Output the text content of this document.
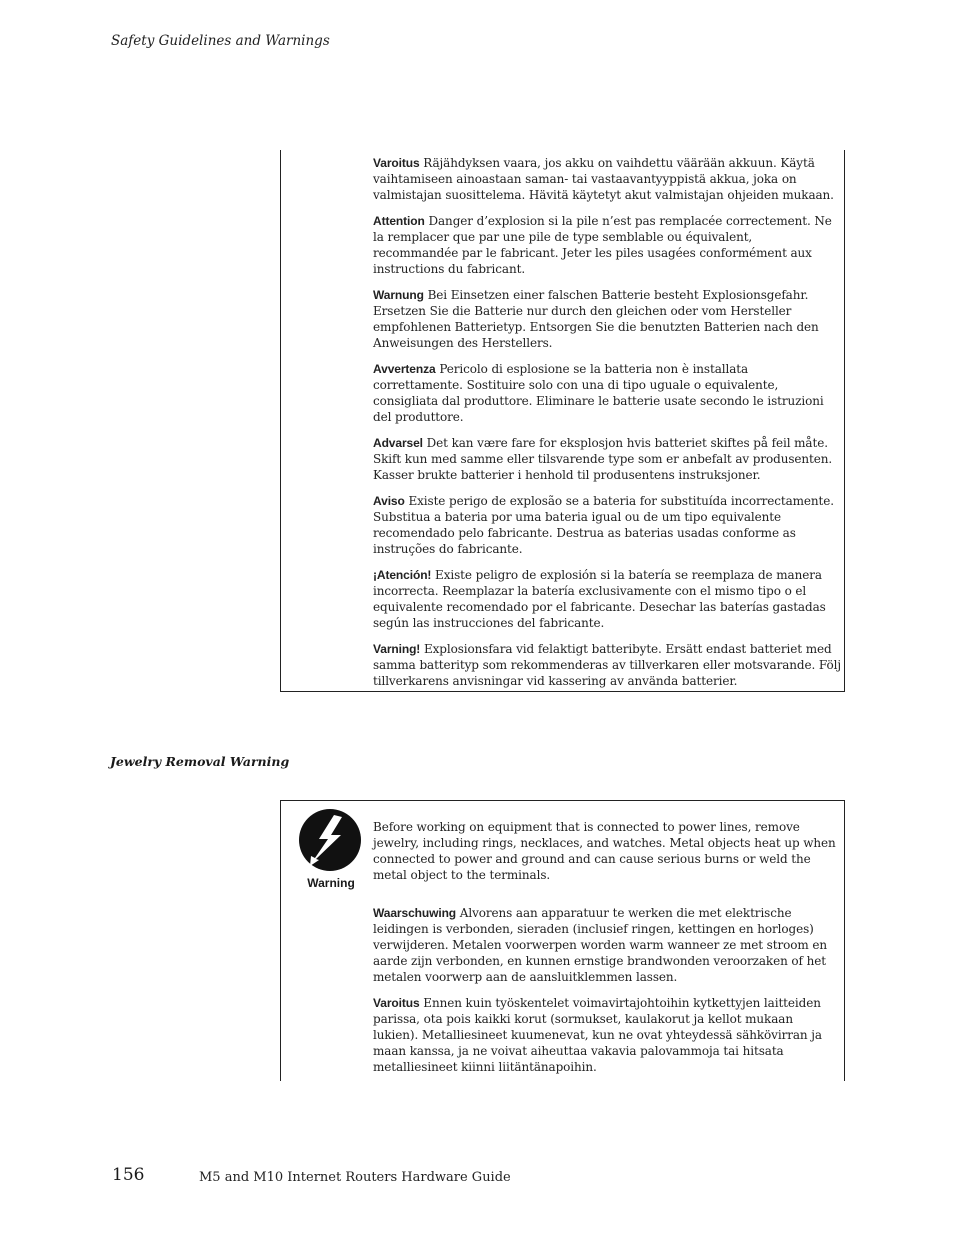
Safety Guidelines and Warnings

Varoitus Räjähdyksen vaara, jos akku on vaihdettu väärään akkuun. Käytä vaihtamiseen ainoastaan saman- tai vastaavantyyppistä akkua, joka on valmistajan suosittelema. Hävitä käytetyt akut valmistajan ohjeiden mukaan.

Attention Danger d’explosion si la pile n’est pas remplacée correctement. Ne la remplacer que par une pile de type semblable ou équivalent, recommandée par le fabricant. Jeter les piles usagées conformément aux instructions du fabricant.

Warnung Bei Einsetzen einer falschen Batterie besteht Explosionsgefahr. Ersetzen Sie die Batterie nur durch den gleichen oder vom Hersteller empfohlenen Batterietyp. Entsorgen Sie die benutzten Batterien nach den Anweisungen des Herstellers.

Avvertenza Pericolo di esplosione se la batteria non è installata correttamente. Sostituire solo con una di tipo uguale o equivalente, consigliata dal produttore. Eliminare le batterie usate secondo le istruzioni del produttore.

Advarsel Det kan være fare for eksplosjon hvis batteriet skiftes på feil måte. Skift kun med samme eller tilsvarende type som er anbefalt av produsenten. Kasser brukte batterier i henhold til produsentens instruksjoner.

Aviso Existe perigo de explosão se a bateria for substituída incorrectamente. Substitua a bateria por uma bateria igual ou de um tipo equivalente recomendado pelo fabricante. Destrua as baterias usadas conforme as instruções do fabricante.

¡Atención! Existe peligro de explosión si la batería se reemplaza de manera incorrecta. Reemplazar la batería exclusivamente con el mismo tipo o el equivalente recomendado por el fabricante. Desechar las baterías gastadas según las instrucciones del fabricante.

Varning! Explosionsfara vid felaktigt batteribyte. Ersätt endast batteriet med samma batterityp som rekommenderas av tillverkaren eller motsvarande. Följ tillverkarens anvisningar vid kassering av använda batterier.

Jewelry Removal Warning
Warning

Before working on equipment that is connected to power lines, remove jewelry, including rings, necklaces, and watches. Metal objects heat up when connected to power and ground and can cause serious burns or weld the metal object to the terminals.

Waarschuwing Alvorens aan apparatuur te werken die met elektrische leidingen is verbonden, sieraden (inclusief ringen, kettingen en horloges) verwijderen. Metalen voorwerpen worden warm wanneer ze met stroom en aarde zijn verbonden, en kunnen ernstige brandwonden veroorzaken of het metalen voorwerp aan de aansluitklemmen lassen.

Varoitus Ennen kuin työskentelet voimavirtajohtoihin kytkettyjen laitteiden parissa, ota pois kaikki korut (sormukset, kaulakorut ja kellot mukaan lukien). Metalliesineet kuumenevat, kun ne ovat yhteydessä sähkövirran ja maan kanssa, ja ne voivat aiheuttaa vakavia palovammoja tai hitsata metalliesineet kiinni liitäntänapoihin.

156	M5 and M10 Internet Routers Hardware Guide
